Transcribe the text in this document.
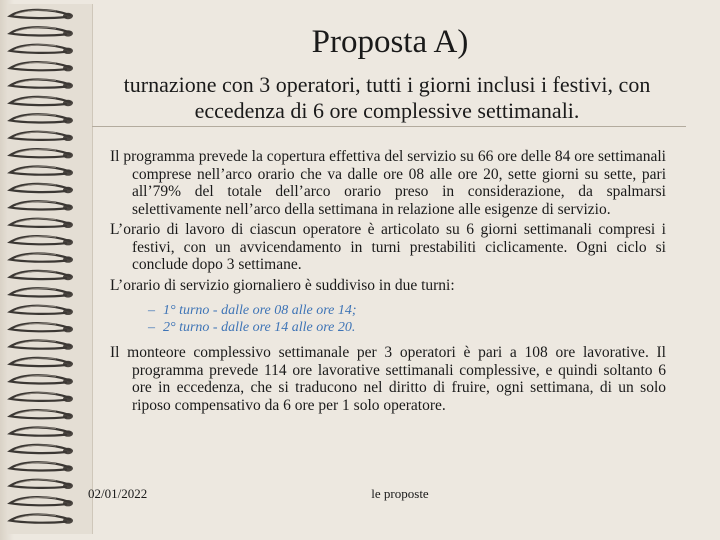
Proposta A)
turnazione con 3 operatori, tutti i giorni inclusi i festivi, con eccedenza di 6 ore complessive settimanali.

Il programma prevede la copertura effettiva del servizio su 66 ore delle 84 ore settimanali comprese nell’arco orario che va dalle ore 08 alle ore 20, sette giorni su sette, pari all’79% del totale dell’arco orario preso in considerazione, da spalmarsi selettivamente nell’arco della settimana in relazione alle esigenze di servizio.

L’orario di lavoro di ciascun operatore è articolato su 6 giorni settimanali compresi i festivi, con un avvicendamento in turni prestabiliti ciclicamente. Ogni ciclo si conclude dopo 3 settimane.

L’orario di servizio giornaliero è suddiviso in due turni:

– 1° turno - dalle ore 08 alle ore 14;
– 2° turno - dalle ore 14 alle ore 20.

Il monteore complessivo settimanale per 3 operatori è pari a 108 ore lavorative. Il programma prevede 114 ore lavorative settimanali complessive, e quindi soltanto 6 ore in eccedenza, che si traducono nel diritto di fruire, ogni settimana, di un solo riposo compensativo da 6 ore per 1 solo operatore.

02/01/2022	le proposte
